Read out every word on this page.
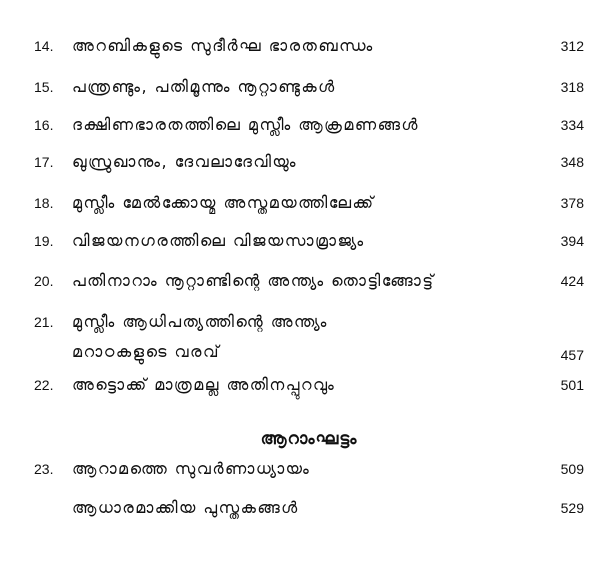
14. അറബികളുടെ സുദീർഘ ഭാരതബന്ധം	312
15. പന്ത്രണ്ടും, പതിമൂന്നും നൂറ്റാണ്ടുകൾ	318
16. ദക്ഷിണഭാരതത്തിലെ മുസ്ലീം ആക്രമണങ്ങൾ	334
17. ഖുസ്രുഖാനും, ദേവലാദേവിയും	348
18. മുസ്ലീം മേൽക്കോയ്മ അസ്തമയത്തിലേക്ക്	378
19. വിജയനഗരത്തിലെ വിജയസാമ്രാജ്യം	394
20. പതിനാറാം നൂറ്റാണ്ടിന്റെ അന്ത്യം തൊട്ടിങ്ങോട്ട്	424
21. മുസ്ലീം ആധിപത്യത്തിന്റെ അന്ത്യം
മറാഠകളുടെ വരവ്	457
22. അട്ടൊക്ക് മാത്രമല്ല അതിനപ്പുറവും	501
ആറാംഘട്ടം
23. ആറാമത്തെ സുവർണാധ്യായം	509
ആധാരമാക്കിയ പുസ്തകങ്ങൾ	529
